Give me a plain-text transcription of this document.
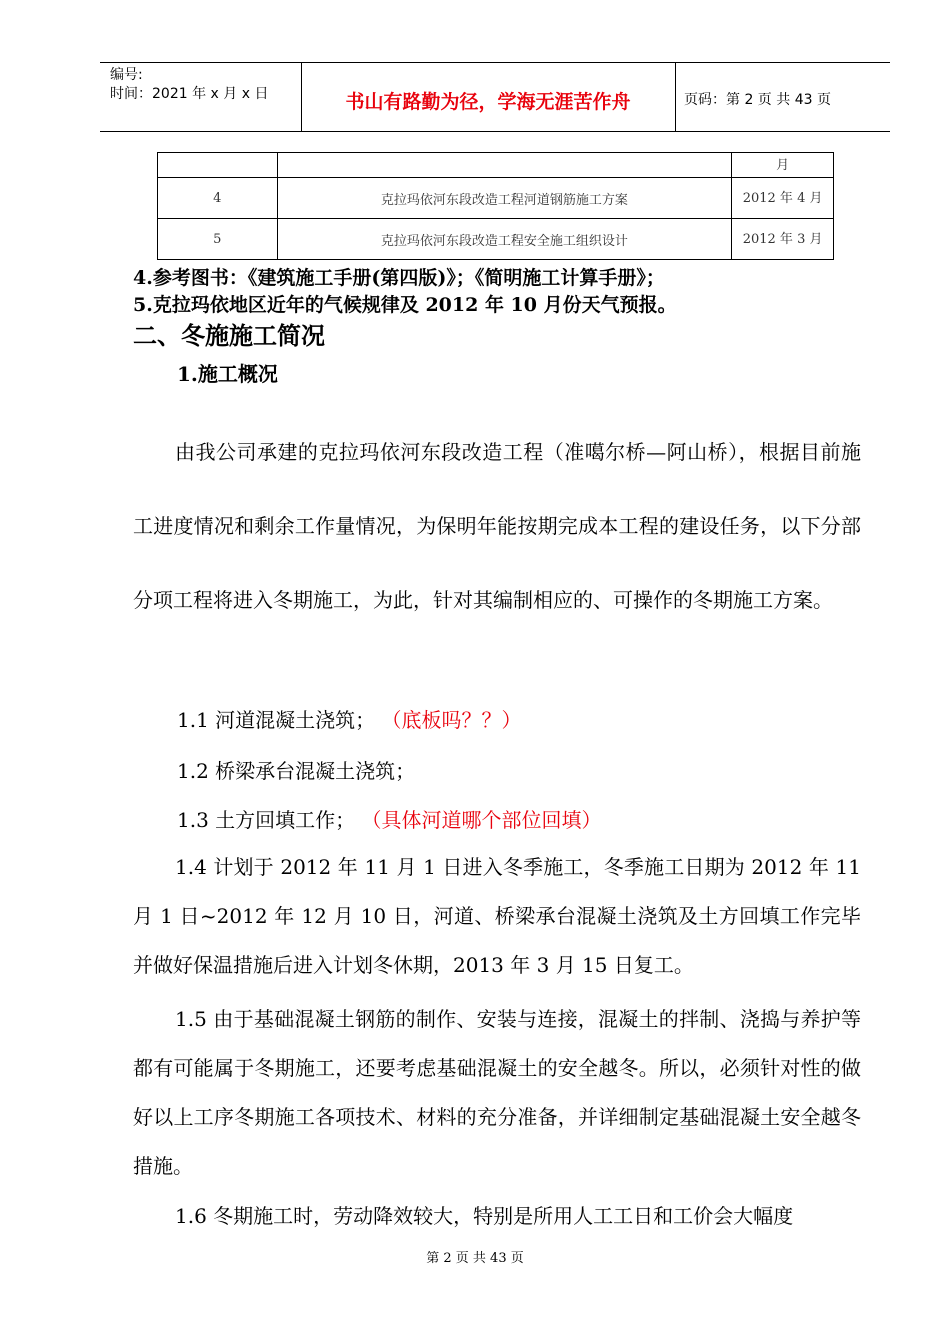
编号:
时间：2021 年 x 月 x 日	书山有路勤为径，学海无涯苦作舟	页码：第 2 页 共 43 页
		月
4	克拉玛依河东段改造工程河道钢筋施工方案	2012 年 4 月
5	克拉玛依河东段改造工程安全施工组织设计	2012 年 3 月
4.参考图书：《建筑施工手册(第四版)》；《简明施工计算手册》；
5.克拉玛依地区近年的气候规律及 2012 年 10 月份天气预报。
二、冬施施工简况
1.施工概况

由我公司承建的克拉玛依河东段改造工程（准噶尔桥—阿山桥），根据目前施工进度情况和剩余工作量情况，为保明年能按期完成本工程的建设任务，以下分部分项工程将进入冬期施工，为此，针对其编制相应的、可操作的冬期施工方案。

1.1 河道混凝土浇筑； （底板吗？？）
1.2 桥梁承台混凝土浇筑；
1.3 土方回填工作； （具体河道哪个部位回填）

1.4 计划于 2012 年 11 月 1 日进入冬季施工，冬季施工日期为 2012 年 11 月 1 日~2012 年 12 月 10 日，河道、桥梁承台混凝土浇筑及土方回填工作完毕并做好保温措施后进入计划冬休期，2013 年 3 月 15 日复工。

1.5 由于基础混凝土钢筋的制作、安装与连接，混凝土的拌制、浇捣与养护等都有可能属于冬期施工，还要考虑基础混凝土的安全越冬。所以，必须针对性的做好以上工序冬期施工各项技术、材料的充分准备，并详细制定基础混凝土安全越冬措施。

1.6 冬期施工时，劳动降效较大，特别是所用人工工日和工价会大幅度

第 2 页 共 43 页
